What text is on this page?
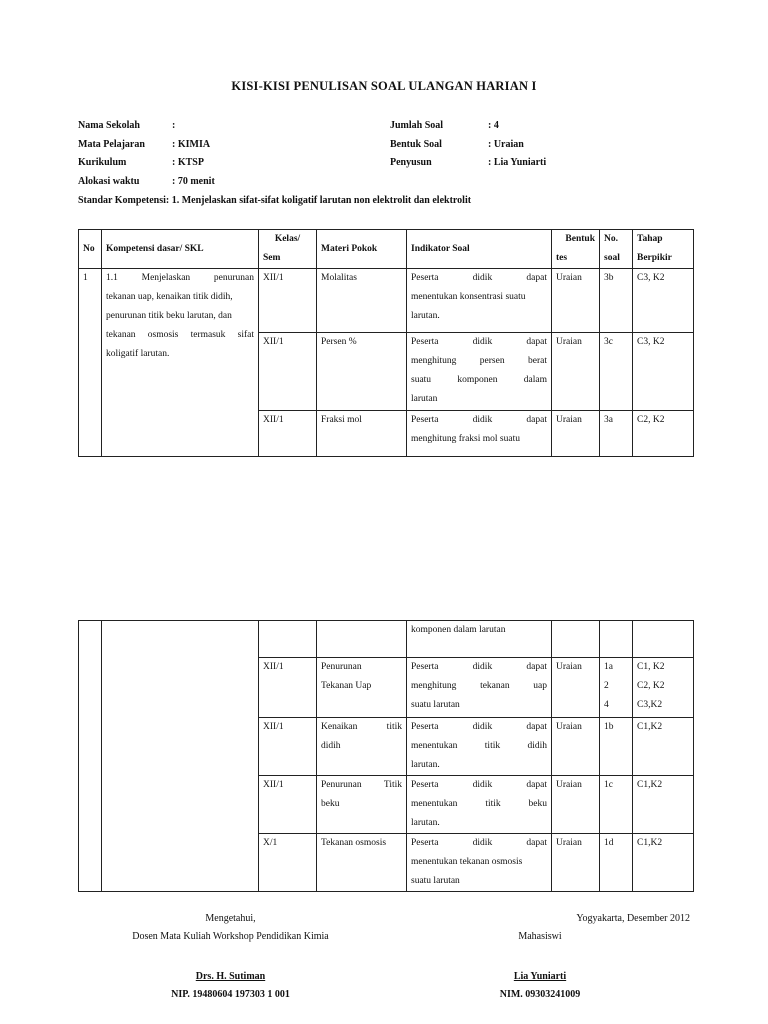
KISI-KISI PENULISAN SOAL ULANGAN HARIAN I
Nama Sekolah	:
Mata Pelajaran	: KIMIA
Kurikulum	: KTSP
Alokasi waktu	: 70 menit
Jumlah Soal	: 4
Bentuk Soal	: Uraian
Penyusun	: Lia Yuniarti
Standar Kompetensi: 1. Menjelaskan sifat-sifat koligatif larutan non elektrolit dan elektrolit
No	Kompetensi dasar/ SKL	Kelas/
Sem	Materi Pokok	Indikator Soal	Bentuk
tes	No.
soal	Tahap
Berpikir

1	1.1 Menjelaskan penurunan
tekanan uap, kenaikan titik didih,
penurunan titik beku larutan, dan
tekanan osmosis termasuk sifat
koligatif larutan.	XII/1	Molalitas	Peserta didik dapat
menentukan konsentrasi suatu
larutan.	Uraian	3b	C3, K2
		XII/1	Persen %	Peserta didik dapat
menghitung persen berat
suatu komponen dalam
larutan	Uraian	3c	C3, K2
		XII/1	Fraksi mol	Peserta didik dapat
menghitung fraksi mol suatu	Uraian	3a	C2, K2
				komponen dalam larutan			
		XII/1	Penurunan
Tekanan Uap	Peserta didik dapat
menghitung tekanan uap
suatu larutan	Uraian	1a
2
4	C1, K2
C2, K2
C3,K2

		XII/1	Kenaikan titik
didih	Peserta didik dapat
menentukan titik didih
larutan.	Uraian	1b	C1,K2
		XII/1	Penurunan Titik
beku	Peserta didik dapat
menentukan titik beku
larutan.	Uraian	1c	C1,K2
		X/1	Tekanan osmosis	Peserta didik dapat
menentukan tekanan osmosis
suatu larutan	Uraian	1d	C1,K2
Mengetahui,
Dosen Mata Kuliah Workshop Pendidikan Kimia
Drs. H. Sutiman
NIP. 19480604 197303 1 001
Yogyakarta, Desember 2012
Mahasiswi
Lia Yuniarti
NIM. 09303241009
